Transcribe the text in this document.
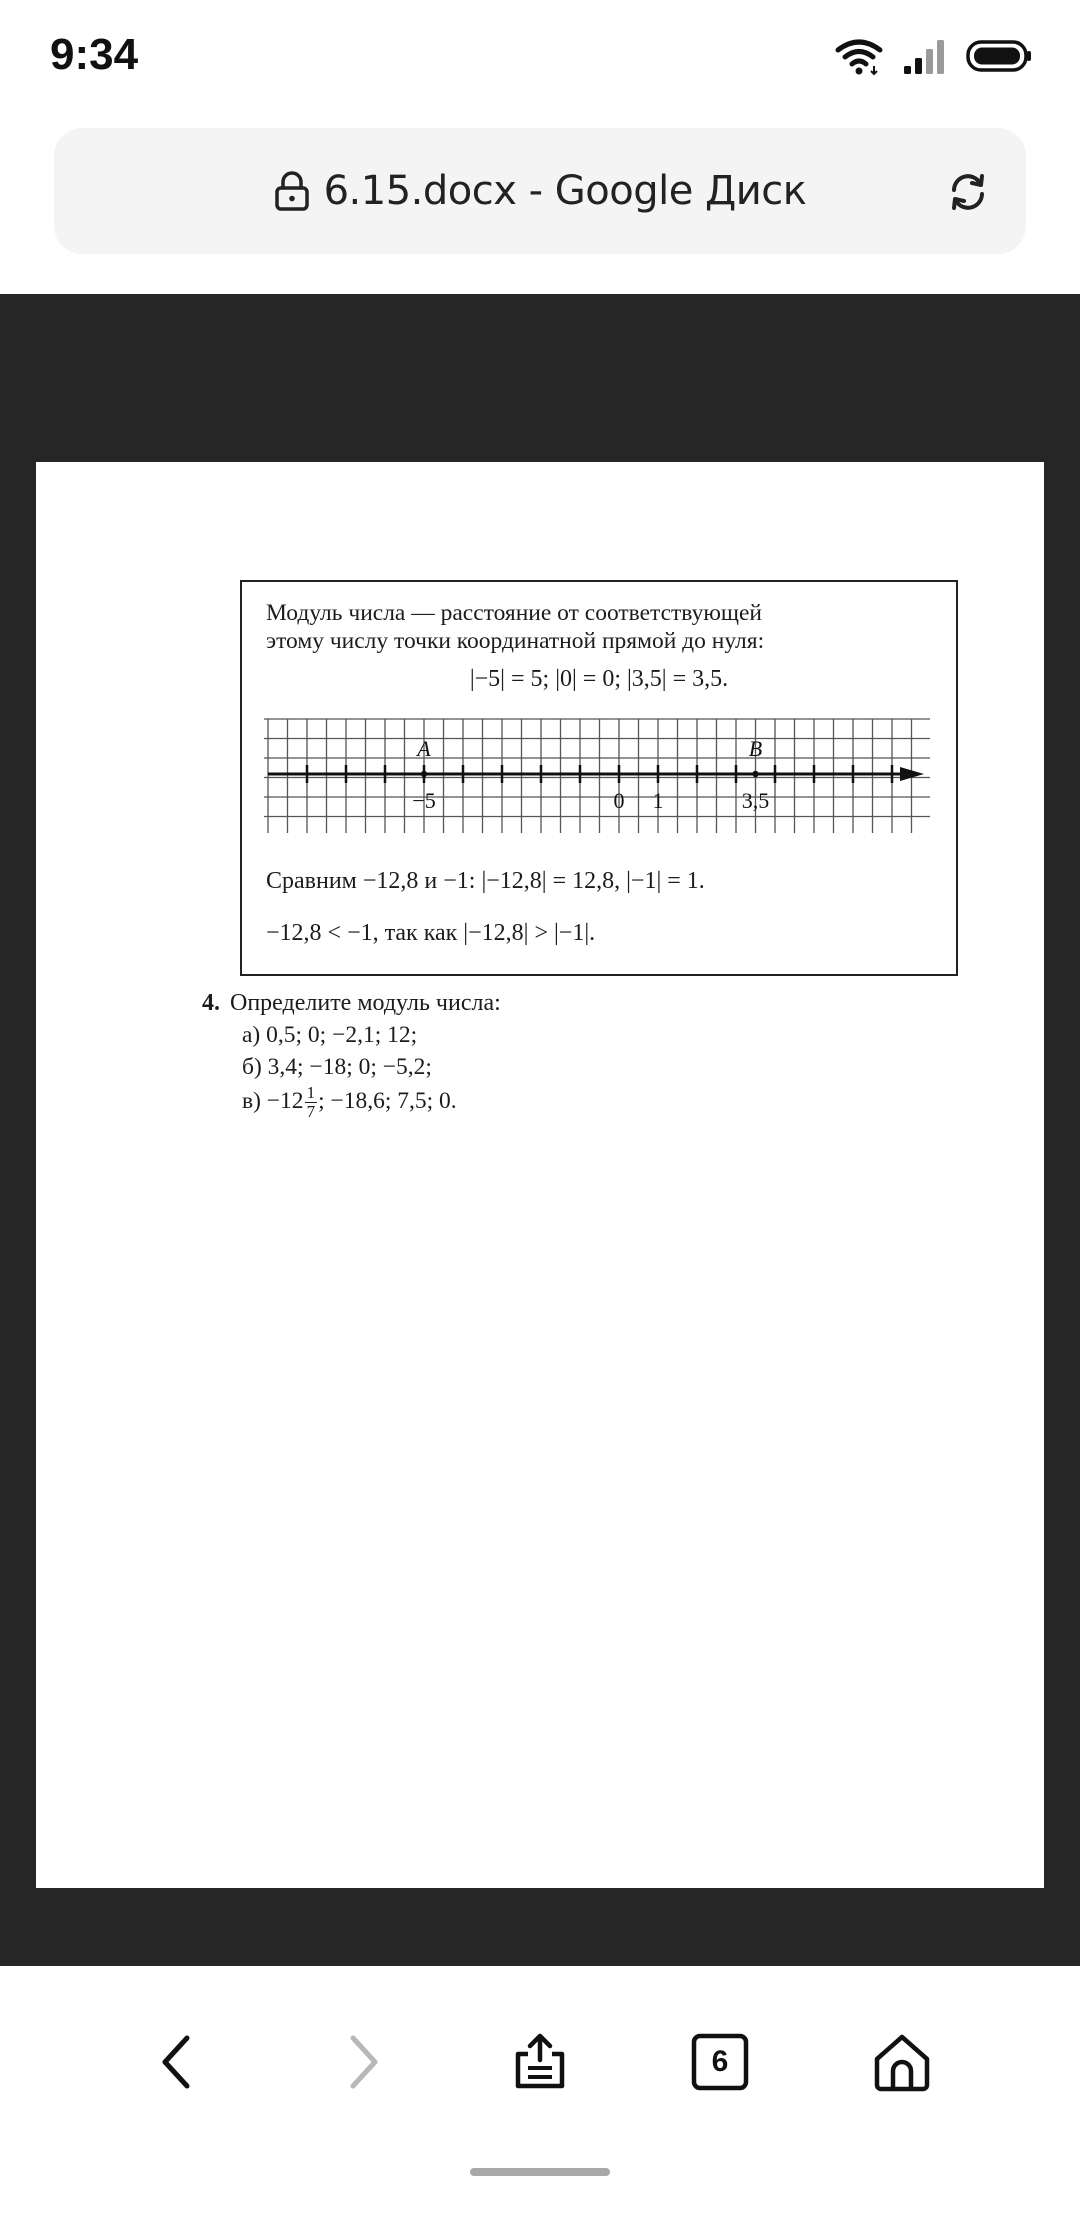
9:34
6.15.docx - Google Диск
Модуль числа — расстояние от соответствующей
этому числу точки координатной прямой до нуля:
|−5| = 5; |0| = 0; |3,5| = 3,5.
A	B
−5	0 1	3,5
Сравним −12,8 и −1: |−12,8| = 12,8, |−1| = 1.
−12,8 < −1, так как |−12,8| > |−1|.
4. Определите модуль числа:
а) 0,5; 0; −2,1; 12;
б) 3,4; −18; 0; −5,2;
$в) -12 \frac{1}{7}$ ; −18,6; 7,5; 0.
6
